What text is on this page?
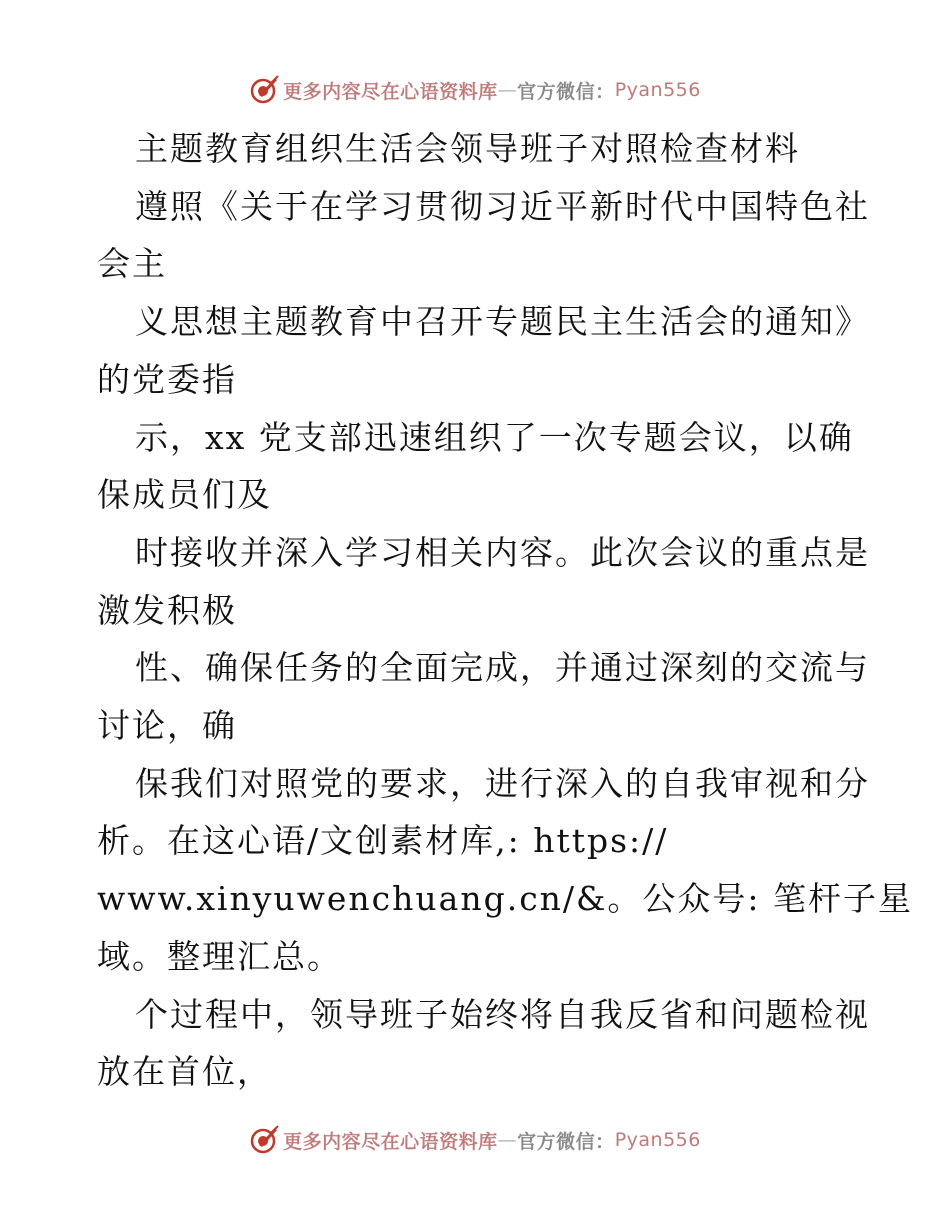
更多内容尽在心语资料库 — 官方微信： Pyan556
主题教育组织生活会领导班子对照检查材料
遵照《关于在学习贯彻习近平新时代中国特色社
会主
义思想主题教育中召开专题民主生活会的通知》
的党委指
示，xx 党支部迅速组织了一次专题会议，以确
保成员们及
时接收并深入学习相关内容。此次会议的重点是
激发积极
性、确保任务的全面完成，并通过深刻的交流与
讨论，确
保我们对照党的要求，进行深入的自我审视和分
析。在这心语/文创素材库,: https://
www.xinyuwenchuang.cn/&。公众号: 笔杆子星
域。整理汇总。
个过程中，领导班子始终将自我反省和问题检视
放在首位，
更多内容尽在心语资料库 — 官方微信： Pyan556
